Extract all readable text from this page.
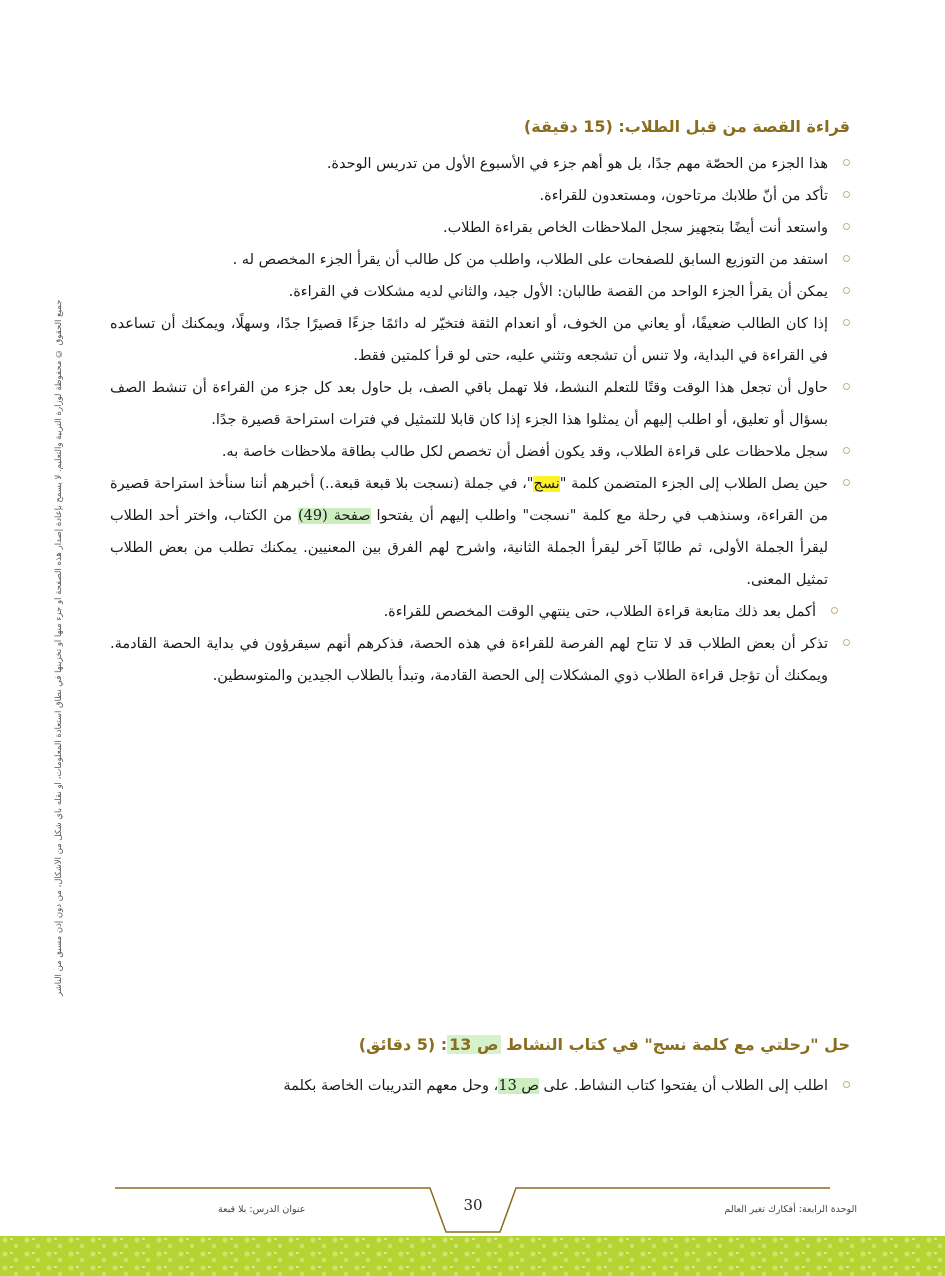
قراءة القصة من قبل الطلاب: (15 دقيقة)
هذا الجزء من الحصّة مهم جدًا، بل هو أهم جزء في الأسبوع الأول من تدريس الوحدة.
تأكد من أنّ طلابك مرتاحون، ومستعدون للقراءة.
واستعد أنت أيضًا بتجهيز سجل الملاحظات الخاص بقراءة الطلاب.
استفد من التوزيع السابق للصفحات على الطلاب، واطلب من كل طالب أن يقرأ الجزء المخصص له .
يمكن أن يقرأ الجزء الواحد من القصة طالبان: الأول جيد، والثاني لديه مشكلات في القراءة.
إذا كان الطالب ضعيفًا، أو يعاني من الخوف، أو انعدام الثقة فتخيّر له دائمًا جزءًا قصيرًا جدًا، وسهلًا، ويمكنك أن تساعده في القراءة في البداية، ولا تنس أن تشجعه وتثني عليه، حتى لو قرأ كلمتين فقط.
حاول أن تجعل هذا الوقت وقتًا للتعلم النشط، فلا تهمل باقي الصف، بل حاول بعد كل جزء من القراءة أن تنشط الصف بسؤال أو تعليق، أو اطلب إليهم أن يمثلوا هذا الجزء إذا كان قابلا للتمثيل في فترات استراحة قصيرة جدًا.
سجل ملاحظات على قراءة الطلاب، وقد يكون أفضل أن تخصص لكل طالب بطاقة ملاحظات خاصة به.
حين يصل الطلاب إلى الجزء المتضمن كلمة "نسج"، في جملة (نسجت بلا قبعة قبعة..) أخبرهم أننا سنأخذ استراحة قصيرة من القراءة، وسنذهب في رحلة مع كلمة "نسجت" واطلب إليهم أن يفتحوا صفحة (49) من الكتاب، واختر أحد الطلاب ليقرأ الجملة الأولى، ثم طالبًا آخر ليقرأ الجملة الثانية، واشرح لهم الفرق بين المعنيين. يمكنك تطلب من بعض الطلاب تمثيل المعنى.
أكمل بعد ذلك متابعة قراءة الطلاب، حتى ينتهي الوقت المخصص للقراءة.
تذكر أن بعض الطلاب قد لا تتاح لهم الفرصة للقراءة في هذه الحصة، فذكرهم أنهم سيقرؤون في بداية الحصة القادمة. ويمكنك أن تؤجل قراءة الطلاب ذوي المشكلات إلى الحصة القادمة، وتبدأ بالطلاب الجيدين والمتوسطين.
حل "رحلتي مع كلمة نسج" في كتاب النشاط ص 13: (5 دقائق)
اطلب إلى الطلاب أن يفتحوا كتاب النشاط. على ص 13، وحل معهم التدريبات الخاصة بكلمة
جميع الحقوق © محفوظة لوزارة التربية والتعليم. لا يسمح بإعادة إصدار هذه الصفحة أو جزء منها أو تخزينها في نطاق استعادة المعلومات، أو نقله بأي شكل من الأشكال، من دون إذن مسبق من الناشر
30	الوحدة الرابعة: أفكارك تغير العالم
عنوان الدرس: بلا قبعة
